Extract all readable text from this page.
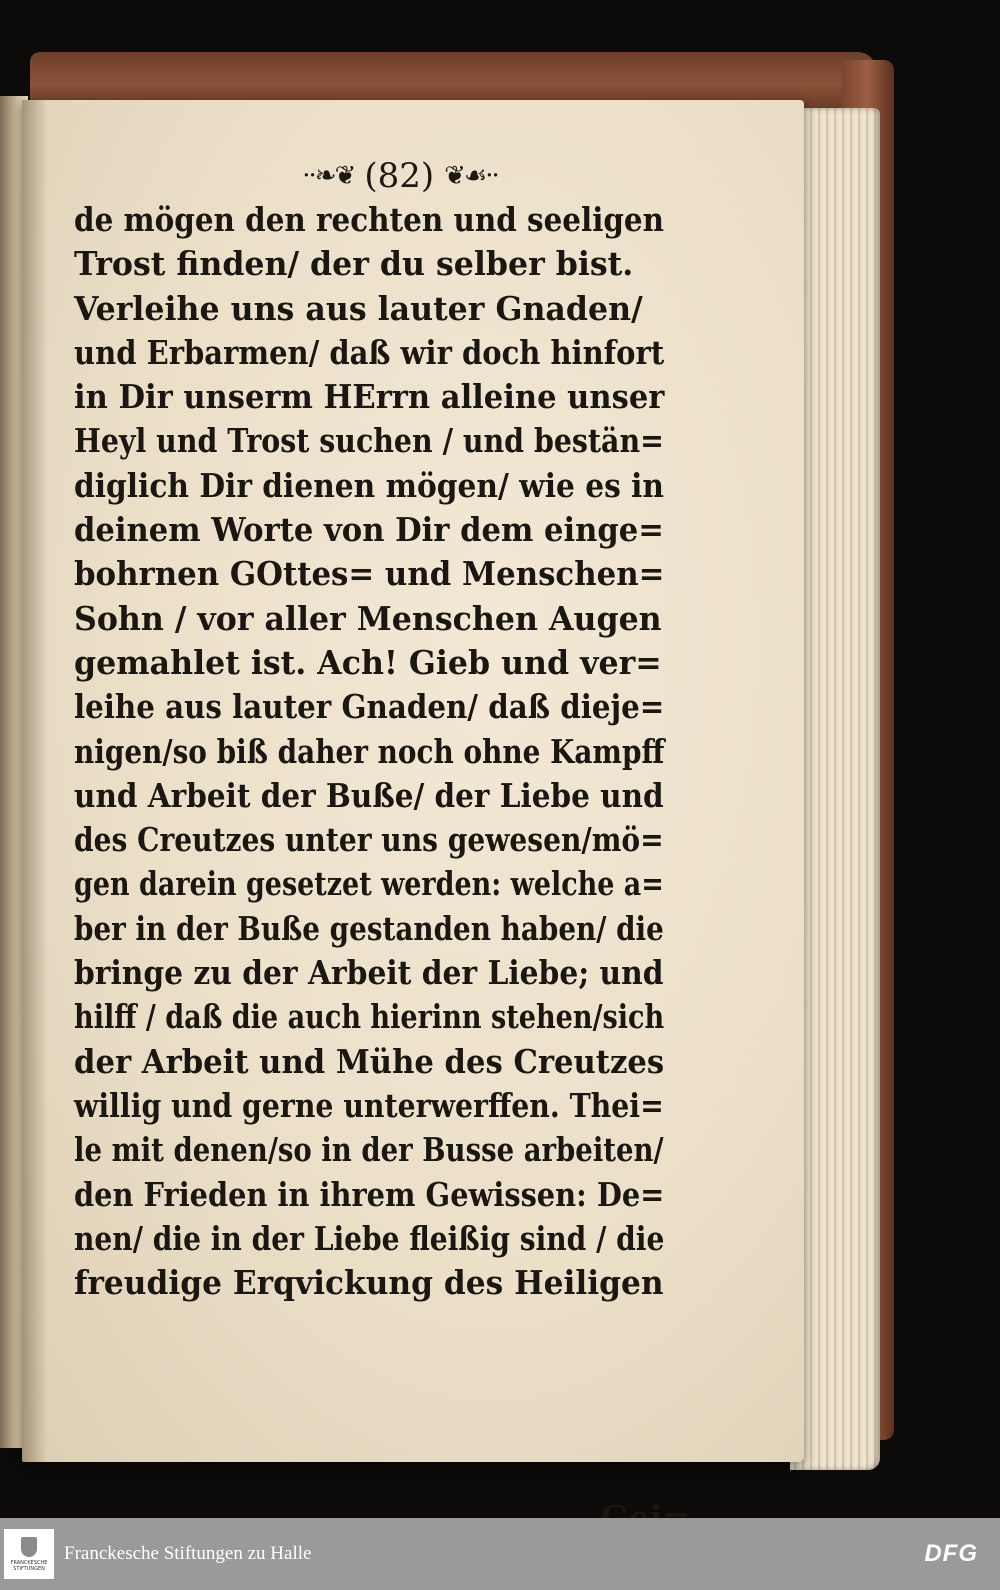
··❧❦ (82) ❦☙··
de mögen den rechten und seeligen
Trost finden/ der du selber bist.
Verleihe uns aus lauter Gnaden/
und Erbarmen/ daß wir doch hinfort
in Dir unserm HErrn alleine unser
Heyl und Trost suchen / und bestän=
diglich Dir dienen mögen/ wie es in
deinem Worte von Dir dem einge=
bohrnen GOttes= und Menschen=
Sohn / vor aller Menschen Augen
gemahlet ist. Ach! Gieb und ver=
leihe aus lauter Gnaden/ daß dieje=
nigen/so biß daher noch ohne Kampff
und Arbeit der Buße/ der Liebe und
des Creutzes unter uns gewesen/mö=
gen darein gesetzet werden: welche a=
ber in der Buße gestanden haben/ die
bringe zu der Arbeit der Liebe; und
hilff / daß die auch hierinn stehen/sich
der Arbeit und Mühe des Creutzes
willig und gerne unterwerffen. Thei=
le mit denen/so in der Busse arbeiten/
den Frieden in ihrem Gewissen: De=
nen/ die in der Liebe fleißig sind / die
freudige Erqvickung des Heiligen
FRANCKESCHE STIFTUNGEN
Franckesche Stiftungen zu Halle	DFG
